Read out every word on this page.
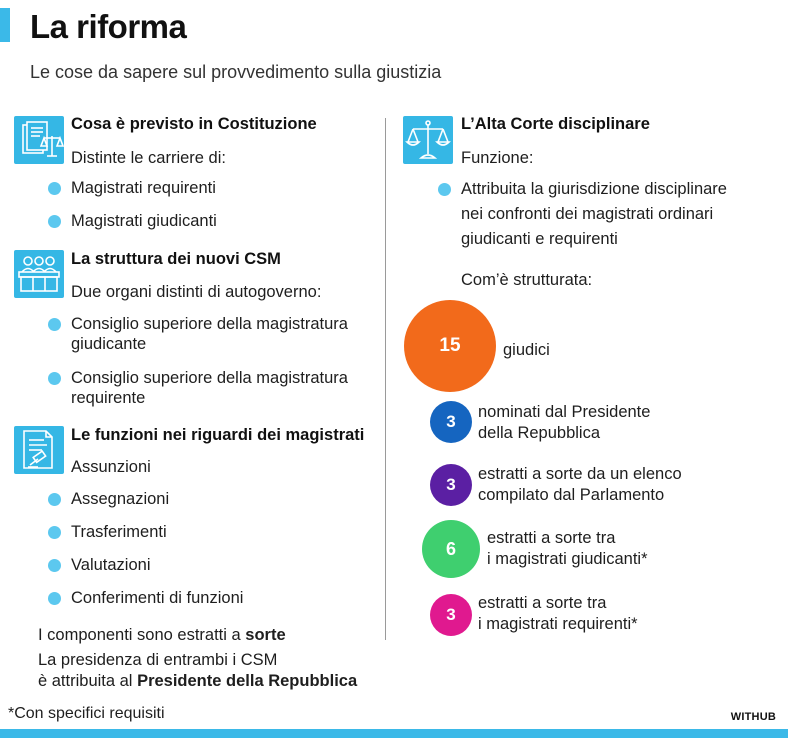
La riforma
Le cose da sapere sul provvedimento sulla giustizia
Cosa è previsto in Costituzione
Distinte le carriere di:
Magistrati requirenti
Magistrati giudicanti
La struttura dei nuovi CSM
Due organi distinti di autogoverno:
Consiglio superiore della magistratura
giudicante
Consiglio superiore della magistratura
requirente
Le funzioni nei riguardi dei magistrati
Assunzioni
Assegnazioni
Trasferimenti
Valutazioni
Conferimenti di funzioni
I componenti sono estratti a sorte
La presidenza di entrambi i CSM
è attribuita al Presidente della Repubblica
L’Alta Corte disciplinare
Funzione:
Attribuita la giurisdizione disciplinare
nei confronti dei magistrati ordinari
giudicanti e requirenti
Com’è strutturata:
15	giudici
3 nominati dal Presidente
della Repubblica
3
estratti a sorte da un elenco
compilato dal Parlamento
6
estratti a sorte tra
i magistrati giudicanti*
3
estratti a sorte tra
i magistrati requirenti*
*Con specifici requisiti	WITHUB
